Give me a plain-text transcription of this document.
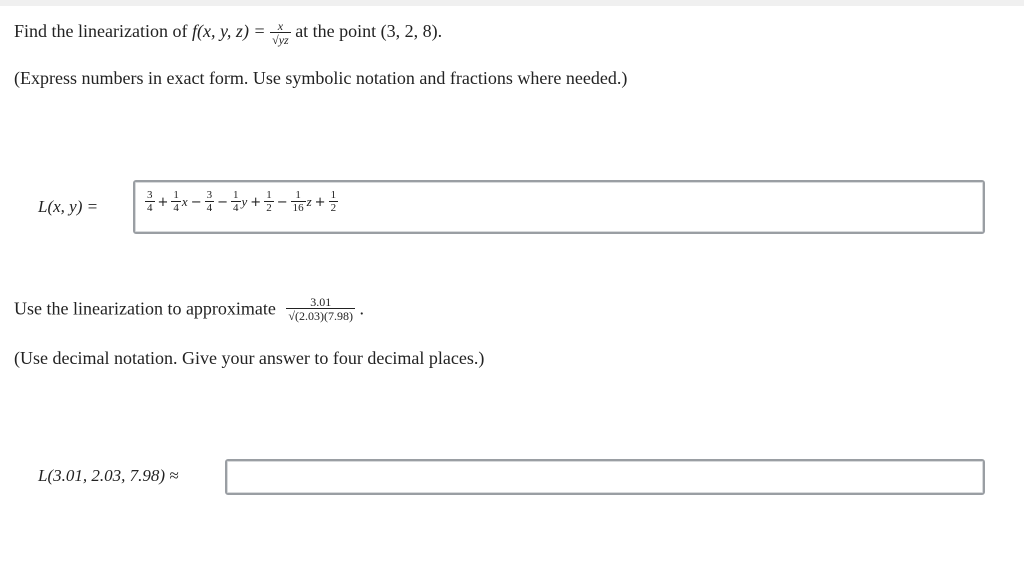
Find the linearization of f(x, y, $z) = \frac{x}{√yz}$ at the point (3, 2, 8).
(Express numbers in exact form. Use symbolic notation and fractions where needed.)
L(x, y) =	$\frac{3}{4} + \frac{1}{4}$ $x - \frac{3}{4} - \frac{1}{4}$ $y + \frac{1}{2} - \frac{1}{16}$ $z + \frac{1}{2}$
Use the linearization to approximate $\frac{3.01}{√(2.03)(7.98)}$ .
(Use decimal notation. Give your answer to four decimal places.)
L(3.01, 2.03, 7.98) ≈
